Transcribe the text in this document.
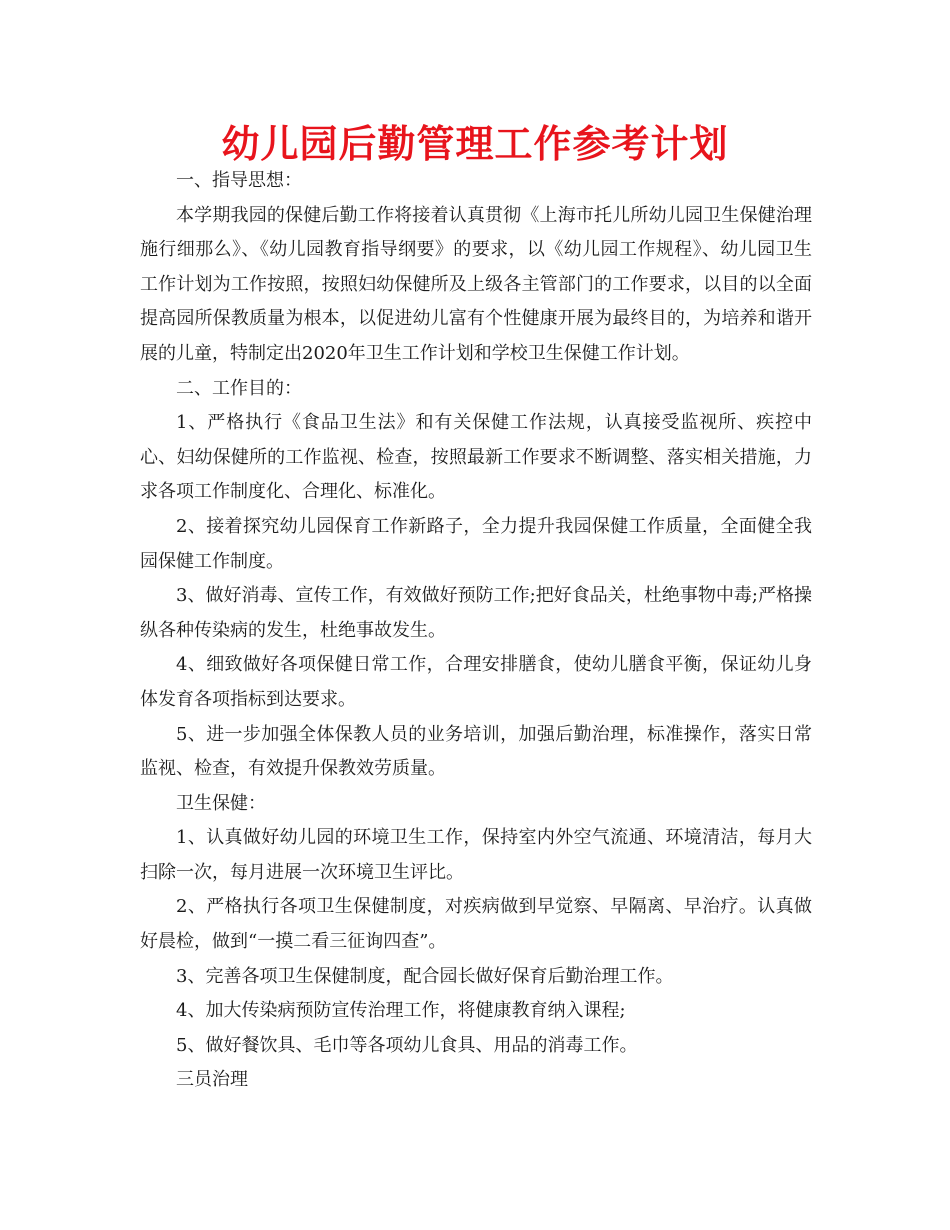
幼儿园后勤管理工作参考计划

一、指导思想：

本学期我园的保健后勤工作将接着认真贯彻《上海市托儿所幼儿园卫生保健治理施行细那么》、《幼儿园教育指导纲要》的要求，以《幼儿园工作规程》、幼儿园卫生工作计划为工作按照，按照妇幼保健所及上级各主管部门的工作要求，以目的以全面提高园所保教质量为根本，以促进幼儿富有个性健康开展为最终目的，为培养和谐开展的儿童，特制定出2020年卫生工作计划和学校卫生保健工作计划。

二、工作目的：

1、严格执行《食品卫生法》和有关保健工作法规，认真接受监视所、疾控中心、妇幼保健所的工作监视、检查，按照最新工作要求不断调整、落实相关措施，力求各项工作制度化、合理化、标准化。

2、接着探究幼儿园保育工作新路子，全力提升我园保健工作质量，全面健全我园保健工作制度。

3、做好消毒、宣传工作，有效做好预防工作;把好食品关，杜绝事物中毒;严格操纵各种传染病的发生，杜绝事故发生。

4、细致做好各项保健日常工作，合理安排膳食，使幼儿膳食平衡，保证幼儿身体发育各项指标到达要求。

5、进一步加强全体保教人员的业务培训，加强后勤治理，标准操作，落实日常监视、检查，有效提升保教效劳质量。

卫生保健：

1、认真做好幼儿园的环境卫生工作，保持室内外空气流通、环境清洁，每月大扫除一次，每月进展一次环境卫生评比。

2、严格执行各项卫生保健制度，对疾病做到早觉察、早隔离、早治疗。认真做好晨检，做到“一摸二看三征询四查”。

3、完善各项卫生保健制度，配合园长做好保育后勤治理工作。

4、加大传染病预防宣传治理工作，将健康教育纳入课程;

5、做好餐饮具、毛巾等各项幼儿食具、用品的消毒工作。

三员治理
